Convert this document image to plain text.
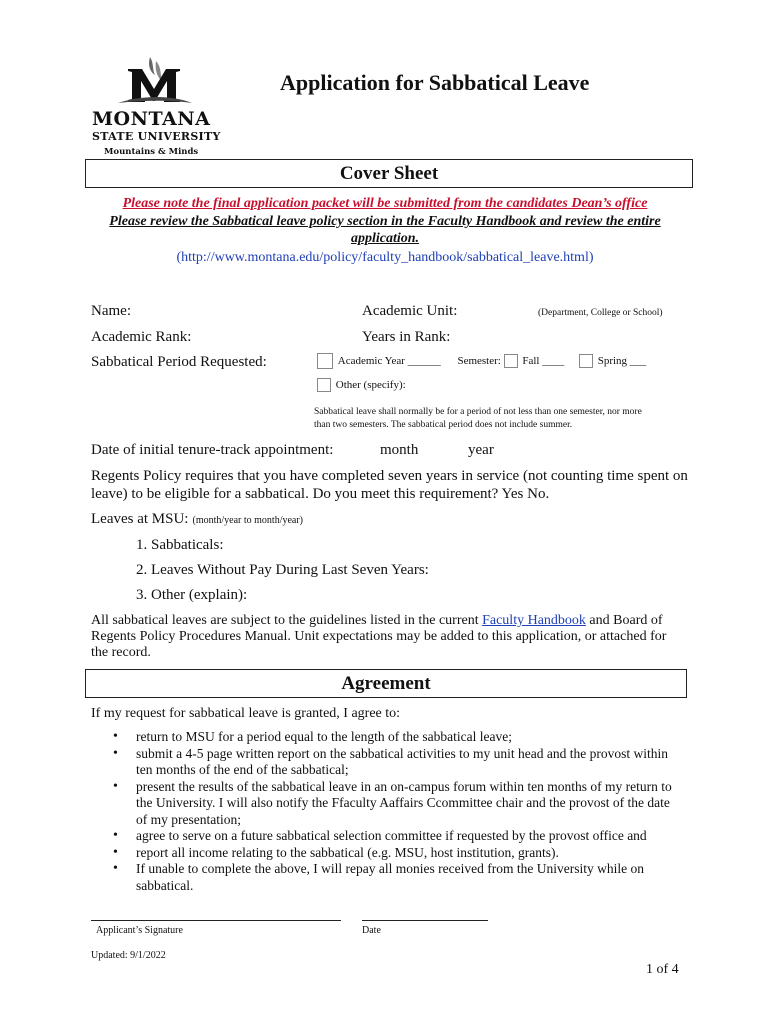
MONTANA
STATE UNIVERSITY
Mountains & Minds
Application for Sabbatical Leave
Cover Sheet
Please note the final application packet will be submitted from the candidates Dean’s office
Please review the Sabbatical leave policy section in the Faculty Handbook and review the entire application.
(http://www.montana.edu/policy/faculty_handbook/sabbatical_leave.html)
Name:	Academic Unit:	(Department, College or School)
Academic Rank:	Years in Rank:
Sabbatical Period Requested:	Academic Year ______ Semester: Fall ____	Spring ___
Other (specify):
Sabbatical leave shall normally be for a period of not less than one semester, nor more than two semesters. The sabbatical period does not include summer.
Date of initial tenure-track appointment:	month	year
Regents Policy requires that you have completed seven years in service (not counting time spent on leave) to be eligible for a sabbatical. Do you meet this requirement? Yes No.
Leaves at MSU: (month/year to month/year)
1. Sabbaticals:
2. Leaves Without Pay During Last Seven Years:
3. Other (explain):
All sabbatical leaves are subject to the guidelines listed in the current Faculty Handbook and Board of Regents Policy Procedures Manual. Unit expectations may be added to this application, or attached for the record.
Agreement
If my request for sabbatical leave is granted, I agree to:
• return to MSU for a period equal to the length of the sabbatical leave;
• submit a 4-5 page written report on the sabbatical activities to my unit head and the provost within ten months of the end of the sabbatical;
• present the results of the sabbatical leave in an on-campus forum within ten months of my return to the University. I will also notify the Ffaculty Aaffairs Ccommittee chair and the provost of the date of my presentation;
• agree to serve on a future sabbatical selection committee if requested by the provost office and
• report all income relating to the sabbatical (e.g. MSU, host institution, grants).
• If unable to complete the above, I will repay all monies received from the University while on sabbatical.
Applicant’s Signature	Date
Updated: 9/1/2022
1 of 4
